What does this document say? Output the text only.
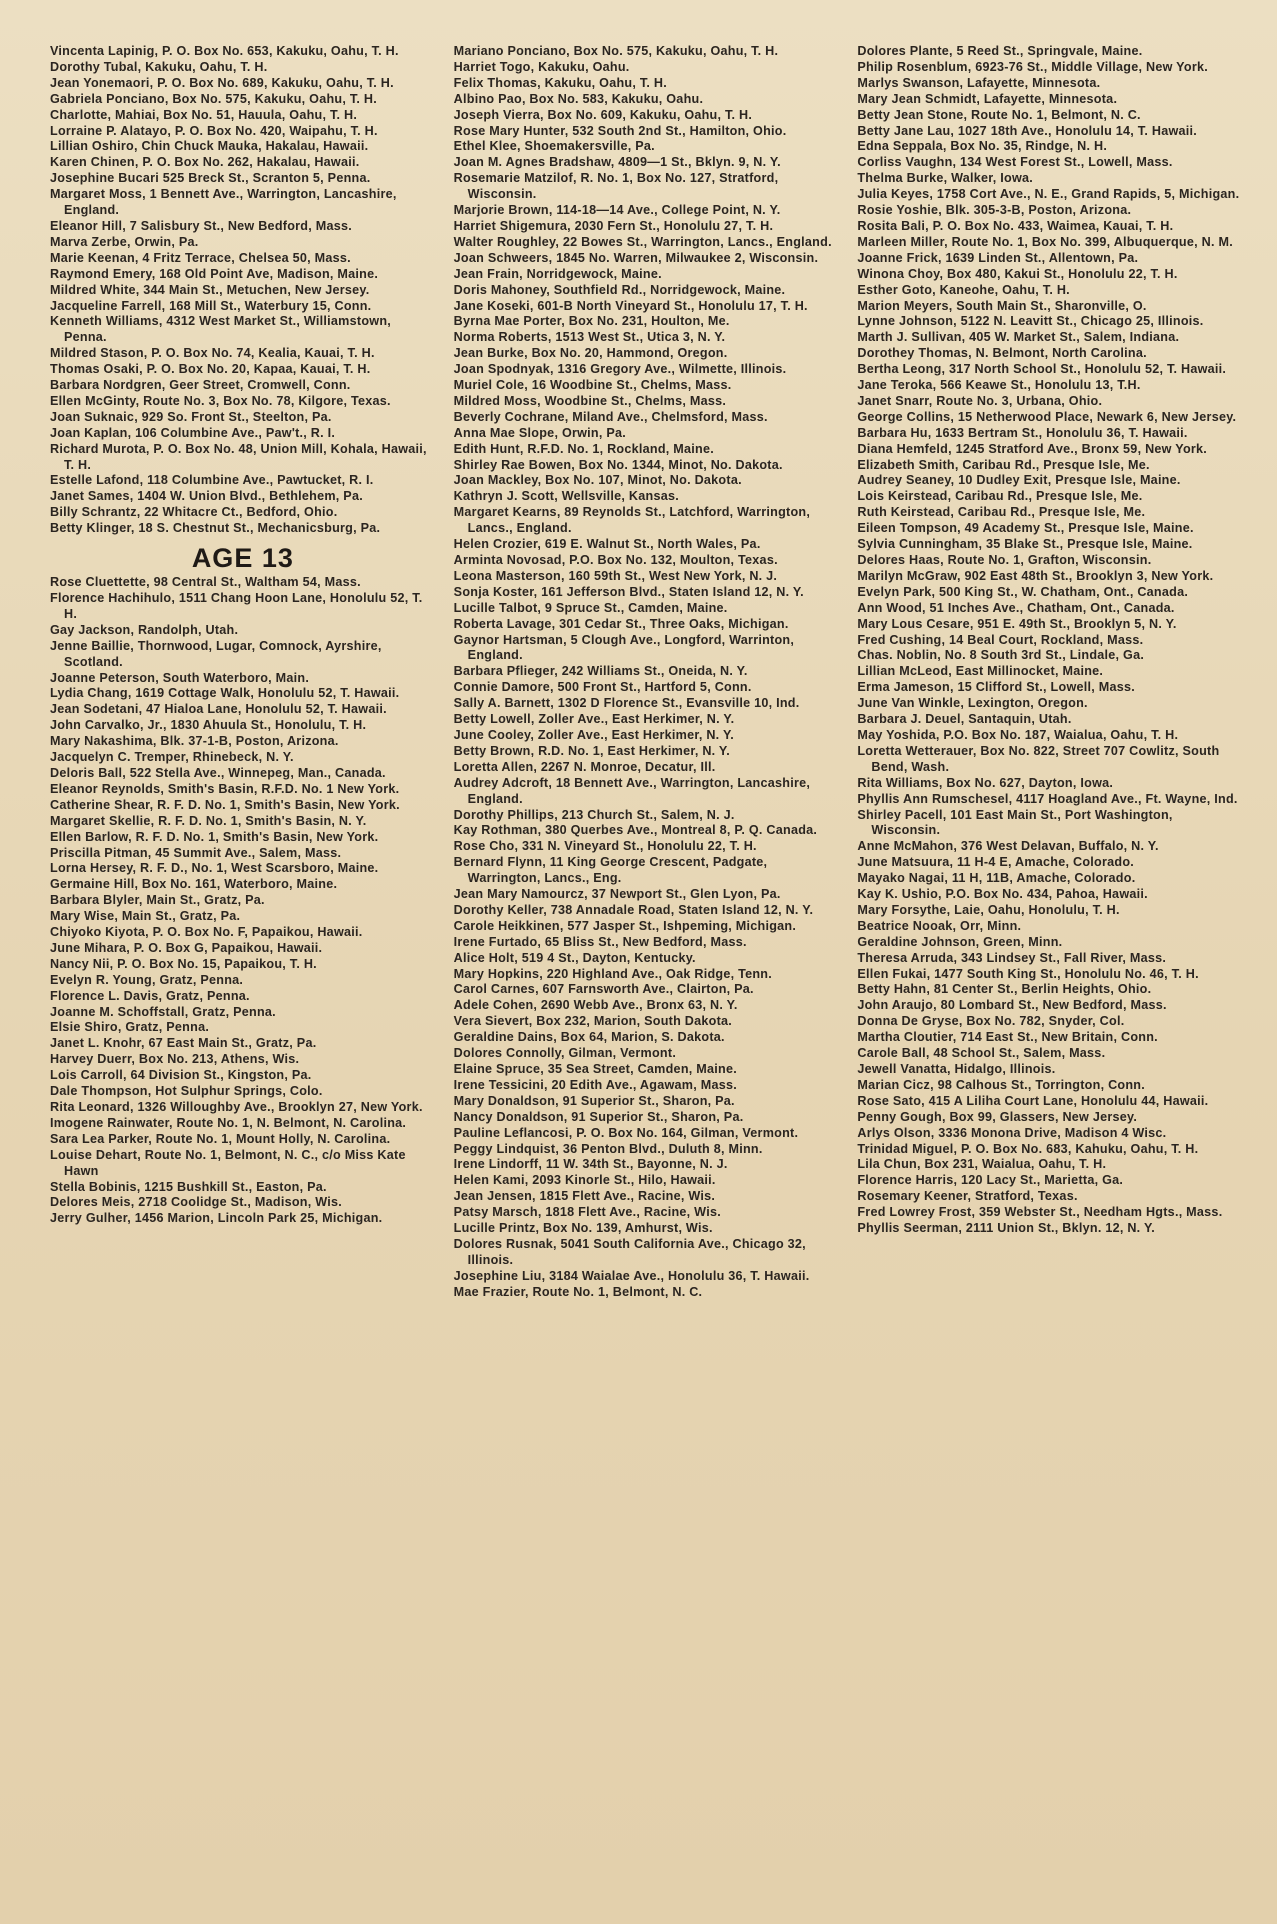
Vincenta Lapinig, P. O. Box No. 653, Kakuku, Oahu, T. H.
Dorothy Tubal, Kakuku, Oahu, T. H.
Jean Yonemaori, P. O. Box No. 689, Kakuku, Oahu, T. H.
Gabriela Ponciano, Box No. 575, Kakuku, Oahu, T. H.
Charlotte, Mahiai, Box No. 51, Hauula, Oahu, T. H.
Lorraine P. Alatayo, P. O. Box No. 420, Waipahu, T. H.
Lillian Oshiro, Chin Chuck Mauka, Hakalau, Hawaii.
Karen Chinen, P. O. Box No. 262, Hakalau, Hawaii.
Josephine Bucari 525 Breck St., Scranton 5, Penna.
Margaret Moss, 1 Bennett Ave., Warrington, Lancashire, England.
Eleanor Hill, 7 Salisbury St., New Bedford, Mass.
Marva Zerbe, Orwin, Pa.
Marie Keenan, 4 Fritz Terrace, Chelsea 50, Mass.
Raymond Emery, 168 Old Point Ave, Madison, Maine.
Mildred White, 344 Main St., Metuchen, New Jersey.
Jacqueline Farrell, 168 Mill St., Waterbury 15, Conn.
Kenneth Williams, 4312 West Market St., Williamstown, Penna.
Mildred Stason, P. O. Box No. 74, Kealia, Kauai, T. H.
Thomas Osaki, P. O. Box No. 20, Kapaa, Kauai, T. H.
Barbara Nordgren, Geer Street, Cromwell, Conn.
Ellen McGinty, Route No. 3, Box No. 78, Kilgore, Texas.
Joan Suknaic, 929 So. Front St., Steelton, Pa.
Joan Kaplan, 106 Columbine Ave., Paw't., R. I.
Richard Murota, P. O. Box No. 48, Union Mill, Kohala, Hawaii, T. H.
Estelle Lafond, 118 Columbine Ave., Pawtucket, R. I.
Janet Sames, 1404 W. Union Blvd., Bethlehem, Pa.
Billy Schrantz, 22 Whitacre Ct., Bedford, Ohio.
Betty Klinger, 18 S. Chestnut St., Mechanicsburg, Pa.
AGE 13
Rose Cluettette, 98 Central St., Waltham 54, Mass.
Florence Hachihulo, 1511 Chang Hoon Lane, Honolulu 52, T. H.
Gay Jackson, Randolph, Utah.
Jenne Baillie, Thornwood, Lugar, Comnock, Ayrshire, Scotland.
Joanne Peterson, South Waterboro, Main.
Lydia Chang, 1619 Cottage Walk, Honolulu 52, T. Hawaii.
Jean Sodetani, 47 Hialoa Lane, Honolulu 52, T. Hawaii.
John Carvalko, Jr., 1830 Ahuula St., Honolulu, T. H.
Mary Nakashima, Blk. 37-1-B, Poston, Arizona.
Jacquelyn C. Tremper, Rhinebeck, N. Y.
Deloris Ball, 522 Stella Ave., Winnepeg, Man., Canada.
Eleanor Reynolds, Smith's Basin, R.F.D. No. 1 New York.
Catherine Shear, R. F. D. No. 1, Smith's Basin, New York.
Margaret Skellie, R. F. D. No. 1, Smith's Basin, N. Y.
Ellen Barlow, R. F. D. No. 1, Smith's Basin, New York.
Priscilla Pitman, 45 Summit Ave., Salem, Mass.
Lorna Hersey, R. F. D., No. 1, West Scarsboro, Maine.
Germaine Hill, Box No. 161, Waterboro, Maine.
Barbara Blyler, Main St., Gratz, Pa.
Mary Wise, Main St., Gratz, Pa.
Chiyoko Kiyota, P. O. Box No. F, Papaikou, Hawaii.
June Mihara, P. O. Box G, Papaikou, Hawaii.
Nancy Nii, P. O. Box No. 15, Papaikou, T. H.
Evelyn R. Young, Gratz, Penna.
Florence L. Davis, Gratz, Penna.
Joanne M. Schoffstall, Gratz, Penna.
Elsie Shiro, Gratz, Penna.
Janet L. Knohr, 67 East Main St., Gratz, Pa.
Harvey Duerr, Box No. 213, Athens, Wis.
Lois Carroll, 64 Division St., Kingston, Pa.
Dale Thompson, Hot Sulphur Springs, Colo.
Rita Leonard, 1326 Willoughby Ave., Brooklyn 27, New York.
Imogene Rainwater, Route No. 1, N. Belmont, N. Carolina.
Sara Lea Parker, Route No. 1, Mount Holly, N. Carolina.
Louise Dehart, Route No. 1, Belmont, N. C., c/o Miss Kate Hawn
Stella Bobinis, 1215 Bushkill St., Easton, Pa.
Delores Meis, 2718 Coolidge St., Madison, Wis.
Jerry Gulher, 1456 Marion, Lincoln Park 25, Michigan.
Mariano Ponciano, Box No. 575, Kakuku, Oahu, T. H.
Harriet Togo, Kakuku, Oahu.
Felix Thomas, Kakuku, Oahu, T. H.
Albino Pao, Box No. 583, Kakuku, Oahu.
Joseph Vierra, Box No. 609, Kakuku, Oahu, T. H.
Rose Mary Hunter, 532 South 2nd St., Hamilton, Ohio.
Ethel Klee, Shoemakersville, Pa.
Joan M. Agnes Bradshaw, 4809—1 St., Bklyn. 9, N. Y.
Rosemarie Matzilof, R. No. 1, Box No. 127, Stratford, Wisconsin.
Marjorie Brown, 114-18—14 Ave., College Point, N. Y.
Harriet Shigemura, 2030 Fern St., Honolulu 27, T. H.
Walter Roughley, 22 Bowes St., Warrington, Lancs., England.
Joan Schweers, 1845 No. Warren, Milwaukee 2, Wisconsin.
Jean Frain, Norridgewock, Maine.
Doris Mahoney, Southfield Rd., Norridgewock, Maine.
Jane Koseki, 601-B North Vineyard St., Honolulu 17, T. H.
Byrna Mae Porter, Box No. 231, Houlton, Me.
Norma Roberts, 1513 West St., Utica 3, N. Y.
Jean Burke, Box No. 20, Hammond, Oregon.
Joan Spodnyak, 1316 Gregory Ave., Wilmette, Illinois.
Muriel Cole, 16 Woodbine St., Chelms, Mass.
Mildred Moss, Woodbine St., Chelms, Mass.
Beverly Cochrane, Miland Ave., Chelmsford, Mass.
Anna Mae Slope, Orwin, Pa.
Edith Hunt, R.F.D. No. 1, Rockland, Maine.
Shirley Rae Bowen, Box No. 1344, Minot, No. Dakota.
Joan Mackley, Box No. 107, Minot, No. Dakota.
Kathryn J. Scott, Wellsville, Kansas.
Margaret Kearns, 89 Reynolds St., Latchford, Warrington, Lancs., England.
Helen Crozier, 619 E. Walnut St., North Wales, Pa.
Arminta Novosad, P.O. Box No. 132, Moulton, Texas.
Leona Masterson, 160 59th St., West New York, N. J.
Sonja Koster, 161 Jefferson Blvd., Staten Island 12, N. Y.
Lucille Talbot, 9 Spruce St., Camden, Maine.
Roberta Lavage, 301 Cedar St., Three Oaks, Michigan.
Gaynor Hartsman, 5 Clough Ave., Longford, Warrinton, England.
Barbara Pflieger, 242 Williams St., Oneida, N. Y.
Connie Damore, 500 Front St., Hartford 5, Conn.
Sally A. Barnett, 1302 D Florence St., Evansville 10, Ind.
Betty Lowell, Zoller Ave., East Herkimer, N. Y.
June Cooley, Zoller Ave., East Herkimer, N. Y.
Betty Brown, R.D. No. 1, East Herkimer, N. Y.
Loretta Allen, 2267 N. Monroe, Decatur, Ill.
Audrey Adcroft, 18 Bennett Ave., Warrington, Lancashire, England.
Dorothy Phillips, 213 Church St., Salem, N. J.
Kay Rothman, 380 Querbes Ave., Montreal 8, P. Q. Canada.
Rose Cho, 331 N. Vineyard St., Honolulu 22, T. H.
Bernard Flynn, 11 King George Crescent, Padgate, Warrington, Lancs., Eng.
Jean Mary Namourcz, 37 Newport St., Glen Lyon, Pa.
Dorothy Keller, 738 Annadale Road, Staten Island 12, N. Y.
Carole Heikkinen, 577 Jasper St., Ishpeming, Michigan.
Irene Furtado, 65 Bliss St., New Bedford, Mass.
Alice Holt, 519 4 St., Dayton, Kentucky.
Mary Hopkins, 220 Highland Ave., Oak Ridge, Tenn.
Carol Carnes, 607 Farnsworth Ave., Clairton, Pa.
Adele Cohen, 2690 Webb Ave., Bronx 63, N. Y.
Vera Sievert, Box 232, Marion, South Dakota.
Geraldine Dains, Box 64, Marion, S. Dakota.
Dolores Connolly, Gilman, Vermont.
Elaine Spruce, 35 Sea Street, Camden, Maine.
Irene Tessicini, 20 Edith Ave., Agawam, Mass.
Mary Donaldson, 91 Superior St., Sharon, Pa.
Nancy Donaldson, 91 Superior St., Sharon, Pa.
Pauline Leflancosi, P. O. Box No. 164, Gilman, Vermont.
Peggy Lindquist, 36 Penton Blvd., Duluth 8, Minn.
Irene Lindorff, 11 W. 34th St., Bayonne, N. J.
Helen Kami, 2093 Kinorle St., Hilo, Hawaii.
Jean Jensen, 1815 Flett Ave., Racine, Wis.
Patsy Marsch, 1818 Flett Ave., Racine, Wis.
Lucille Printz, Box No. 139, Amhurst, Wis.
Dolores Rusnak, 5041 South California Ave., Chicago 32, Illinois.
Josephine Liu, 3184 Waialae Ave., Honolulu 36, T. Hawaii.
Mae Frazier, Route No. 1, Belmont, N. C.
Dolores Plante, 5 Reed St., Springvale, Maine.
Philip Rosenblum, 6923-76 St., Middle Village, New York.
Marlys Swanson, Lafayette, Minnesota.
Mary Jean Schmidt, Lafayette, Minnesota.
Betty Jean Stone, Route No. 1, Belmont, N. C.
Betty Jane Lau, 1027 18th Ave., Honolulu 14, T. Hawaii.
Edna Seppala, Box No. 35, Rindge, N. H.
Corliss Vaughn, 134 West Forest St., Lowell, Mass.
Thelma Burke, Walker, Iowa.
Julia Keyes, 1758 Cort Ave., N. E., Grand Rapids, 5, Michigan.
Rosie Yoshie, Blk. 305-3-B, Poston, Arizona.
Rosita Bali, P. O. Box No. 433, Waimea, Kauai, T. H.
Marleen Miller, Route No. 1, Box No. 399, Albuquerque, N. M.
Joanne Frick, 1639 Linden St., Allentown, Pa.
Winona Choy, Box 480, Kakui St., Honolulu 22, T. H.
Esther Goto, Kaneohe, Oahu, T. H.
Marion Meyers, South Main St., Sharonville, O.
Lynne Johnson, 5122 N. Leavitt St., Chicago 25, Illinois.
Marth J. Sullivan, 405 W. Market St., Salem, Indiana.
Dorothey Thomas, N. Belmont, North Carolina.
Bertha Leong, 317 North School St., Honolulu 52, T. Hawaii.
Jane Teroka, 566 Keawe St., Honolulu 13, T.H.
Janet Snarr, Route No. 3, Urbana, Ohio.
George Collins, 15 Netherwood Place, Newark 6, New Jersey.
Barbara Hu, 1633 Bertram St., Honolulu 36, T. Hawaii.
Diana Hemfeld, 1245 Stratford Ave., Bronx 59, New York.
Elizabeth Smith, Caribau Rd., Presque Isle, Me.
Audrey Seaney, 10 Dudley Exit, Presque Isle, Maine.
Lois Keirstead, Caribau Rd., Presque Isle, Me.
Ruth Keirstead, Caribau Rd., Presque Isle, Me.
Eileen Tompson, 49 Academy St., Presque Isle, Maine.
Sylvia Cunningham, 35 Blake St., Presque Isle, Maine.
Delores Haas, Route No. 1, Grafton, Wisconsin.
Marilyn McGraw, 902 East 48th St., Brooklyn 3, New York.
Evelyn Park, 500 King St., W. Chatham, Ont., Canada.
Ann Wood, 51 Inches Ave., Chatham, Ont., Canada.
Mary Lous Cesare, 951 E. 49th St., Brooklyn 5, N. Y.
Fred Cushing, 14 Beal Court, Rockland, Mass.
Chas. Noblin, No. 8 South 3rd St., Lindale, Ga.
Lillian McLeod, East Millinocket, Maine.
Erma Jameson, 15 Clifford St., Lowell, Mass.
June Van Winkle, Lexington, Oregon.
Barbara J. Deuel, Santaquin, Utah.
May Yoshida, P.O. Box No. 187, Waialua, Oahu, T. H.
Loretta Wetterauer, Box No. 822, Street 707 Cowlitz, South Bend, Wash.
Rita Williams, Box No. 627, Dayton, Iowa.
Phyllis Ann Rumschesel, 4117 Hoagland Ave., Ft. Wayne, Ind.
Shirley Pacell, 101 East Main St., Port Washington, Wisconsin.
Anne McMahon, 376 West Delavan, Buffalo, N. Y.
June Matsuura, 11 H-4 E, Amache, Colorado.
Mayako Nagai, 11 H, 11B, Amache, Colorado.
Kay K. Ushio, P.O. Box No. 434, Pahoa, Hawaii.
Mary Forsythe, Laie, Oahu, Honolulu, T. H.
Beatrice Nooak, Orr, Minn.
Geraldine Johnson, Green, Minn.
Theresa Arruda, 343 Lindsey St., Fall River, Mass.
Ellen Fukai, 1477 South King St., Honolulu No. 46, T. H.
Betty Hahn, 81 Center St., Berlin Heights, Ohio.
John Araujo, 80 Lombard St., New Bedford, Mass.
Donna De Gryse, Box No. 782, Snyder, Col.
Martha Cloutier, 714 East St., New Britain, Conn.
Carole Ball, 48 School St., Salem, Mass.
Jewell Vanatta, Hidalgo, Illinois.
Marian Cicz, 98 Calhous St., Torrington, Conn.
Rose Sato, 415 A Liliha Court Lane, Honolulu 44, Hawaii.
Penny Gough, Box 99, Glassers, New Jersey.
Arlys Olson, 3336 Monona Drive, Madison 4 Wisc.
Trinidad Miguel, P. O. Box No. 683, Kahuku, Oahu, T. H.
Lila Chun, Box 231, Waialua, Oahu, T. H.
Florence Harris, 120 Lacy St., Marietta, Ga.
Rosemary Keener, Stratford, Texas.
Fred Lowrey Frost, 359 Webster St., Needham Hgts., Mass.
Phyllis Seerman, 2111 Union St., Bklyn. 12, N. Y.
